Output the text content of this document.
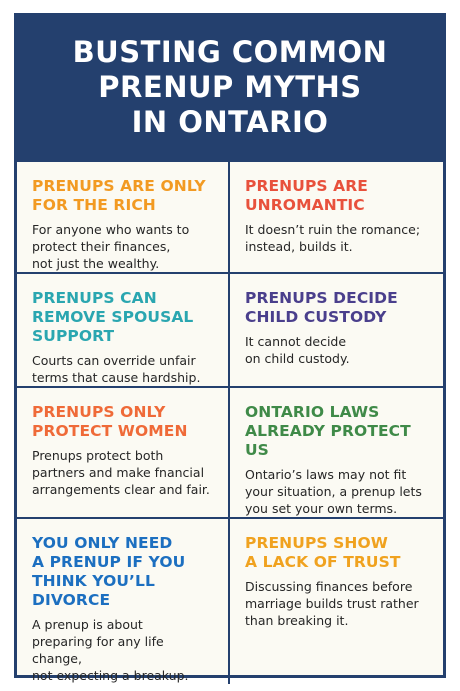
BUSTING COMMON
PRENUP MYTHS
IN ONTARIO
PRENUPS ARE ONLY
FOR THE RICH

For anyone who wants to
protect their finances,
not just the wealthy.

PRENUPS ARE
UNROMANTIC

It doesn’t ruin the romance;
instead, builds it.

PRENUPS CAN
REMOVE SPOUSAL
SUPPORT

Courts can override unfair
terms that cause hardship.

PRENUPS DECIDE
CHILD CUSTODY

It cannot decide
on child custody.

PRENUPS ONLY
PROTECT WOMEN

Prenups protect both
partners and make fnancial
arrangements clear and fair.

ONTARIO LAWS
ALREADY PROTECT US

Ontario’s laws may not fit
your situation, a prenup lets
you set your own terms.

YOU ONLY NEED
A PRENUP IF YOU
THINK YOU’LL DIVORCE

A prenup is about
preparing for any life change,
not expecting a breakup.

PRENUPS SHOW
A LACK OF TRUST

Discussing finances before
marriage builds trust rather
than breaking it.
